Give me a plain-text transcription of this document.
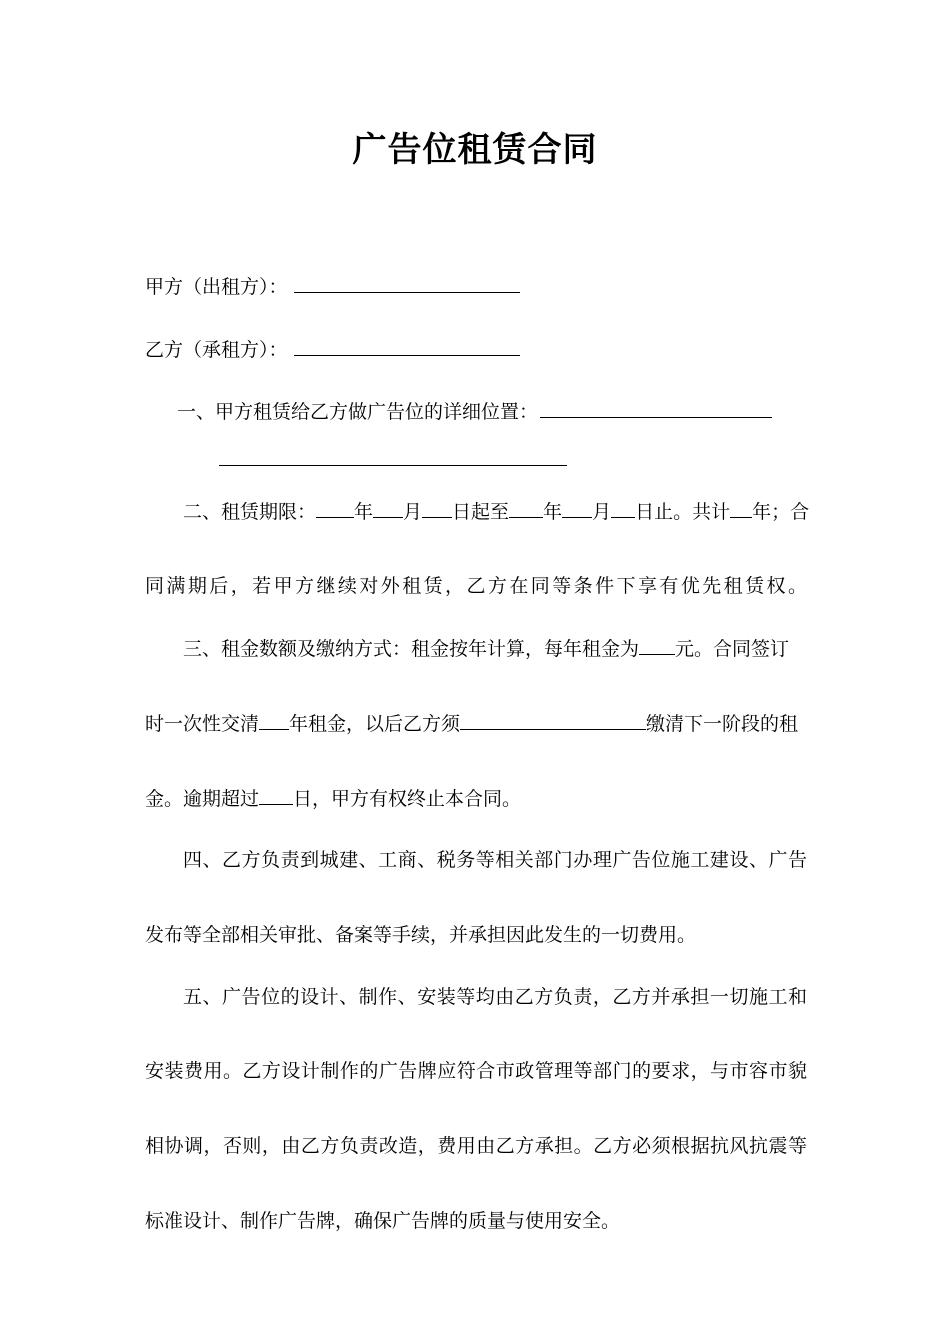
广告位租赁合同
甲方（出租方）：
乙方（承租方）：
一、甲方租赁给乙方做广告位的详细位置：
二、租赁期限： 年 月 日起至 年 月 日止。共计 年；合
同满期后，若甲方继续对外租赁，乙方在同等条件下享有优先租赁权。
三、租金数额及缴纳方式：租金按年计算，每年租金为 元。合同签订
时一次性交清 年租金，以后乙方须	缴清下一阶段的租
金。逾期超过 日，甲方有权终止本合同。
四、乙方负责到城建、工商、税务等相关部门办理广告位施工建设、广告
发布等全部相关审批、备案等手续，并承担因此发生的一切费用。
五、广告位的设计、制作、安装等均由乙方负责，乙方并承担一切施工和
安装费用。乙方设计制作的广告牌应符合市政管理等部门的要求，与市容市貌
相协调，否则，由乙方负责改造，费用由乙方承担。乙方必须根据抗风抗震等
标准设计、制作广告牌，确保广告牌的质量与使用安全。
